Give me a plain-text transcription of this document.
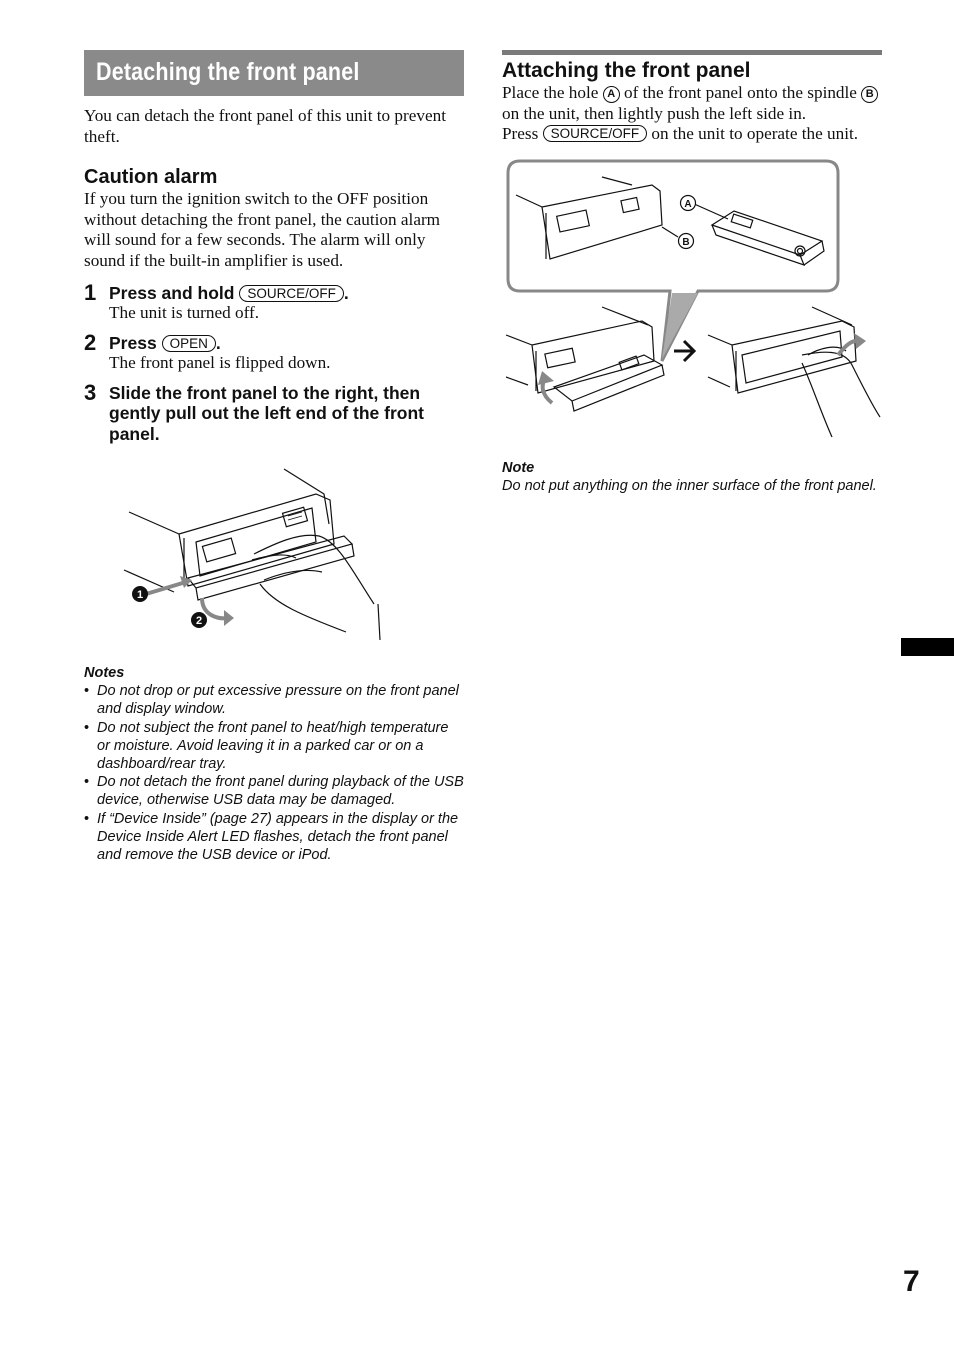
Detaching the front panel

You can detach the front panel of this unit to prevent theft.

Caution alarm

If you turn the ignition switch to the OFF position without detaching the front panel, the caution alarm will sound for a few seconds. The alarm will only sound if the built-in amplifier is used.

1 Press and hold SOURCE/OFF .

The unit is turned off.

2 Press OPEN .

The front panel is flipped down.

3 Slide the front panel to the right, then gently pull out the left end of the front panel.
1
2
Notes
• Do not drop or put excessive pressure on the front panel and display window.
• Do not subject the front panel to heat/high temperature or moisture. Avoid leaving it in a parked car or on a dashboard/rear tray.
• Do not detach the front panel during playback of the USB device, otherwise USB data may be damaged.
• If “Device Inside” (page 27) appears in the display or the Device Inside Alert LED flashes, detach the front panel and remove the USB device or iPod.
Attaching the front panel

Place the hole A of the front panel onto the spindle B on the unit, then lightly push the left side in.

Press SOURCE/OFF on the unit to operate the unit.

A
B
Note

Do not put anything on the inner surface of the front panel.

7
